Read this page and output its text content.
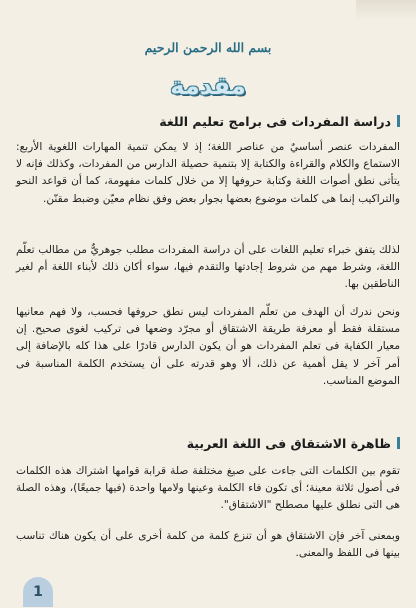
بسم الله الرحمن الرحيم
مقدمة
دراسة المفردات فى برامج تعليم اللغة

المفردات عنصر أساسيٌ من عناصر اللغة؛ إذ لا يمكن تنمية المهارات اللغوية الأربع: الاستماع والكلام والقراءة والكتابة إلا بتنمية حصيلة الدارس من المفردات، وكذلك فإنه لا يتأتى نطق أصوات اللغة وكتابة حروفها إلا من خلال كلمات مفهومة، كما أن قواعد النحو والتراكيب إنما هى كلمات موضوع بعضها بجوار بعض وفق نظام معيّن وضبط مقنّن.

لذلك يتفق خبراء تعليم اللغات على أن دراسة المفردات مطلب جوهريٌّ من مطالب تعلّم اللغة، وشرط مهم من شروط إجادتها والتقدم فيها، سواء أكان ذلك لأبناء اللغة أم لغير الناطقين بها.

ونحن ندرك أن الهدف من تعلّم المفردات ليس نطق حروفها فحسب، ولا فهم معانيها مستقلة فقط أو معرفة طريقة الاشتقاق أو مجرّد وضعها فى تركيب لغوى صحيح. إن معيار الكفاية فى تعلم المفردات هو أن يكون الدارس قادرًا على هذا كله بالإضافة إلى أمر آخر لا يقل أهمية عن ذلك، ألا وهو قدرته على أن يستخدم الكلمة المناسبة فى الموضع المناسب.

ظاهرة الاشتقاق فى اللغة العربية

تقوم بين الكلمات التى جاءت على صيغ مختلفة صلة قرابة قوامها اشتراك هذه الكلمات فى أصول ثلاثة معينة؛ أى تكون فاء الكلمة وعينها ولامها واحدة (فيها جميعًا)، وهذه الصلة هى التى نطلق عليها مصطلح "الاشتقاق".

وبمعنى آخر فإن الاشتقاق هو أن تنزع كلمة من كلمة أخرى على أن يكون هناك تناسب بينها فى اللفظ والمعنى.

1
